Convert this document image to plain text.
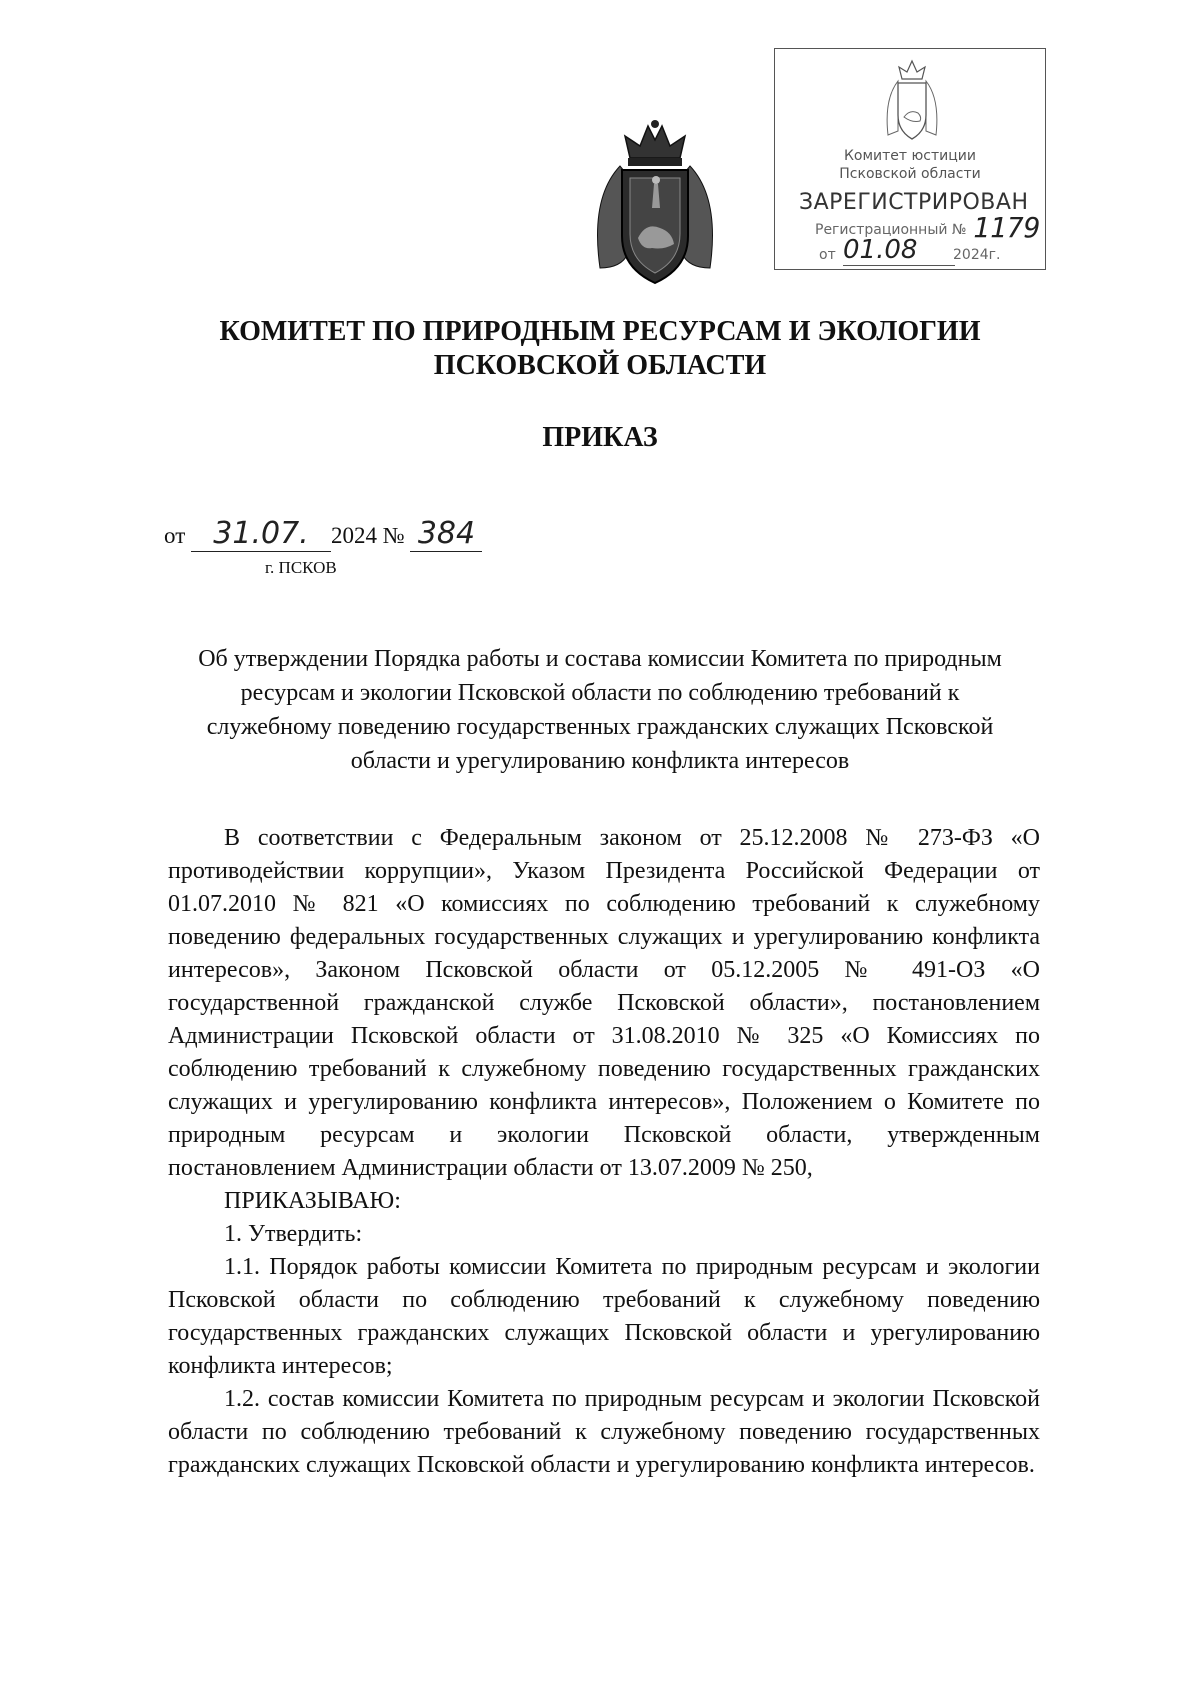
Комитет юстиции
Псковской области
ЗАРЕГИСТРИРОВАН
Регистрационный № 1179
от 01.08	2024г.
КОМИТЕТ ПО ПРИРОДНЫМ РЕСУРСАМ И ЭКОЛОГИИ
ПСКОВСКОЙ ОБЛАСТИ
ПРИКАЗ
от 31.07. 2024 № 384
г. ПСКОВ
Об утверждении Порядка работы и состава комиссии Комитета по природным
ресурсам и экологии Псковской области по соблюдению требований к
служебному поведению государственных гражданских служащих Псковской
области и урегулированию конфликта интересов

В соответствии с Федеральным законом от 25.12.2008 № 273-ФЗ «О противодействии коррупции», Указом Президента Российской Федерации от 01.07.2010 № 821 «О комиссиях по соблюдению требований к служебному поведению федеральных государственных служащих и урегулированию конфликта интересов», Законом Псковской области от 05.12.2005 № 491-ОЗ «О государственной гражданской службе Псковской области», постановлением Администрации Псковской области от 31.08.2010 № 325 «О Комиссиях по соблюдению требований к служебному поведению государственных гражданских служащих и урегулированию конфликта интересов», Положением о Комитете по природным ресурсам и экологии Псковской области, утвержденным постановлением Администрации области от 13.07.2009 № 250,

ПРИКАЗЫВАЮ:

1. Утвердить:

1.1. Порядок работы комиссии Комитета по природным ресурсам и экологии Псковской области по соблюдению требований к служебному поведению государственных гражданских служащих Псковской области и урегулированию конфликта интересов;

1.2. состав комиссии Комитета по природным ресурсам и экологии Псковской области по соблюдению требований к служебному поведению государственных гражданских служащих Псковской области и урегулированию конфликта интересов.
